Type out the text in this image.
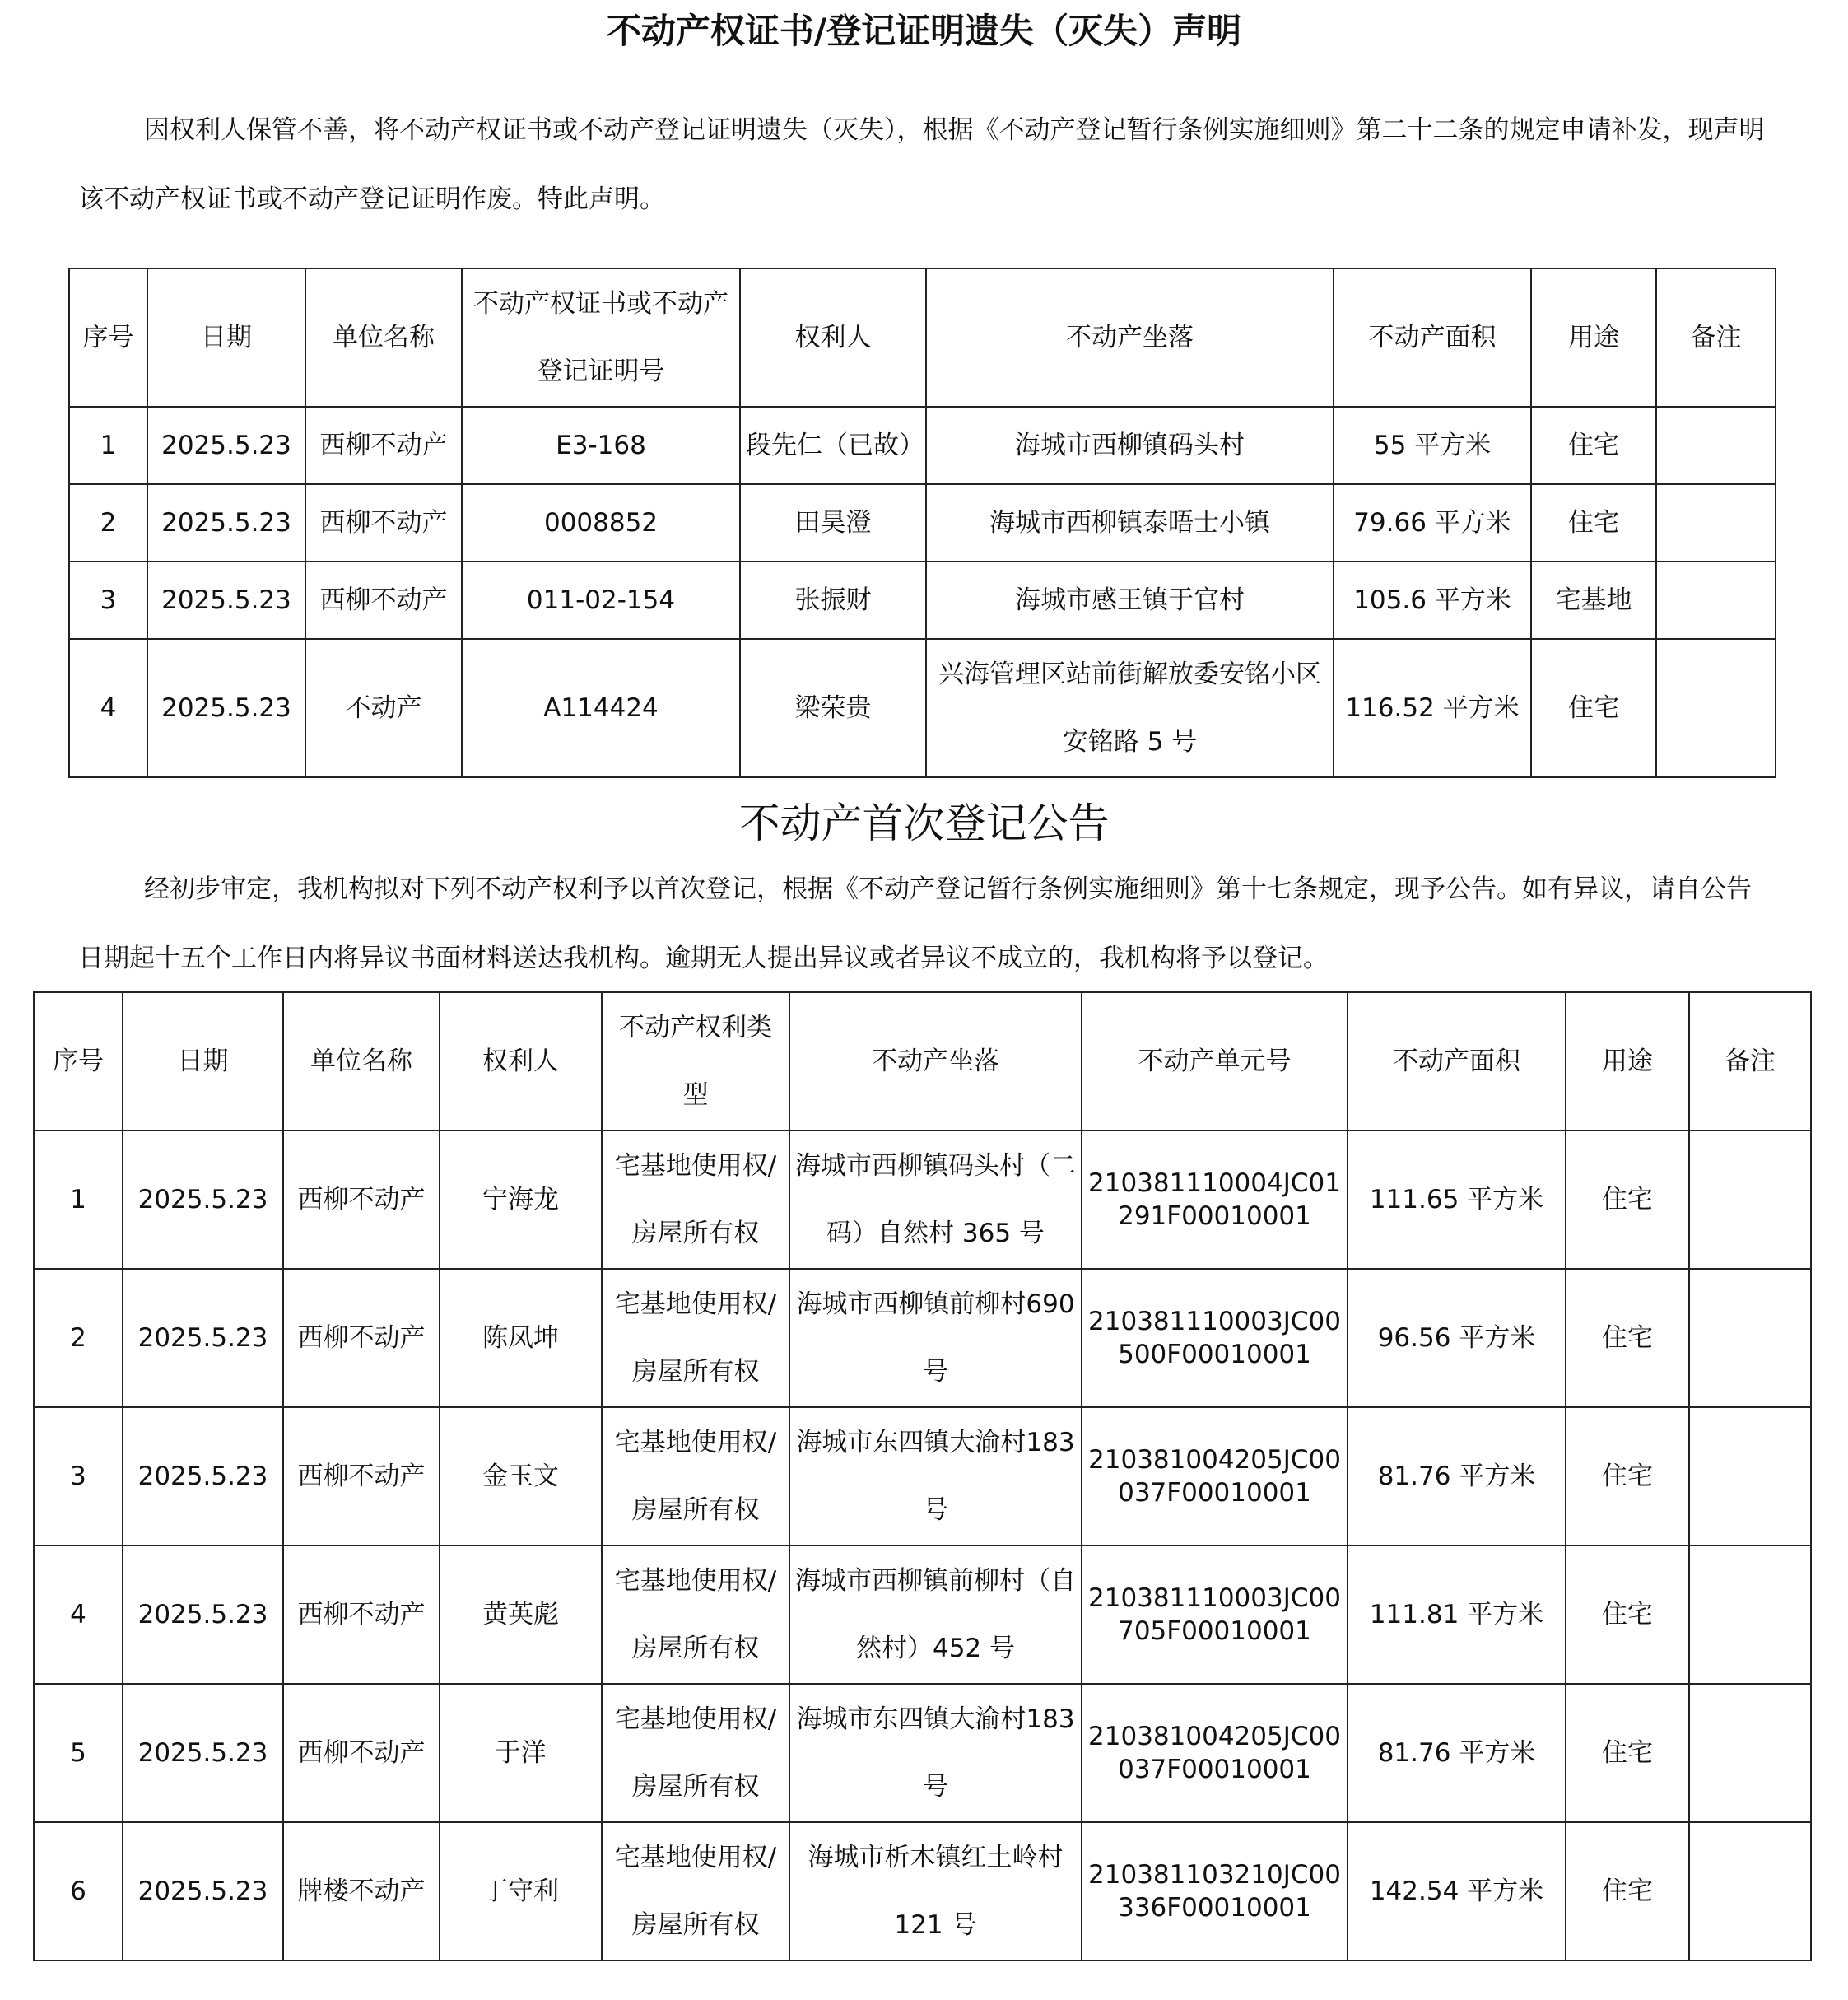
不动产权证书/登记证明遗失（灭失）声明

因权利人保管不善，将不动产权证书或不动产登记证明遗失（灭失），根据《不动产登记暂行条例实施细则》第二十二条的规定申请补发，现声明该不动产权证书或不动产登记证明作废。特此声明。

序号	日期	单位名称	不动产权证书或不动产登记证明号	权利人	不动产坐落	不动产面积	用途	备注
1	2025.5.23	西柳不动产	E3-168	段先仁（已故）	海城市西柳镇码头村	55 平方米	住宅	
2	2025.5.23	西柳不动产	0008852	田昊澄	海城市西柳镇泰晤士小镇	79.66 平方米	住宅	
3	2025.5.23	西柳不动产	011-02-154	张振财	海城市感王镇于官村	105.6 平方米	宅基地	
4	2025.5.23	不动产	A114424	梁荣贵	兴海管理区站前街解放委安铭小区安铭路 5 号	116.52 平方米	住宅	
不动产首次登记公告

经初步审定，我机构拟对下列不动产权利予以首次登记，根据《不动产登记暂行条例实施细则》第十七条规定，现予公告。如有异议，请自公告日期起十五个工作日内将异议书面材料送达我机构。逾期无人提出异议或者异议不成立的，我机构将予以登记。

序号	日期	单位名称	权利人	不动产权利类型	不动产坐落	不动产单元号	不动产面积	用途	备注
1	2025.5.23	西柳不动产	宁海龙	宅基地使用权/房屋所有权	海城市西柳镇码头村（二码）自然村 365 号	210381110004JC01291F00010001	111.65 平方米	住宅	
2	2025.5.23	西柳不动产	陈凤坤	宅基地使用权/房屋所有权	海城市西柳镇前柳村690 号	210381110003JC00500F00010001	96.56 平方米	住宅	
3	2025.5.23	西柳不动产	金玉文	宅基地使用权/房屋所有权	海城市东四镇大渝村183 号	210381004205JC00037F00010001	81.76 平方米	住宅	
4	2025.5.23	西柳不动产	黄英彪	宅基地使用权/房屋所有权	海城市西柳镇前柳村（自然村）452 号	210381110003JC00705F00010001	111.81 平方米	住宅	
5	2025.5.23	西柳不动产	于洋	宅基地使用权/房屋所有权	海城市东四镇大渝村183 号	210381004205JC00037F00010001	81.76 平方米	住宅	
6	2025.5.23	牌楼不动产	丁守利	宅基地使用权/房屋所有权	海城市析木镇红土岭村121 号	210381103210JC00336F00010001	142.54 平方米	住宅	
